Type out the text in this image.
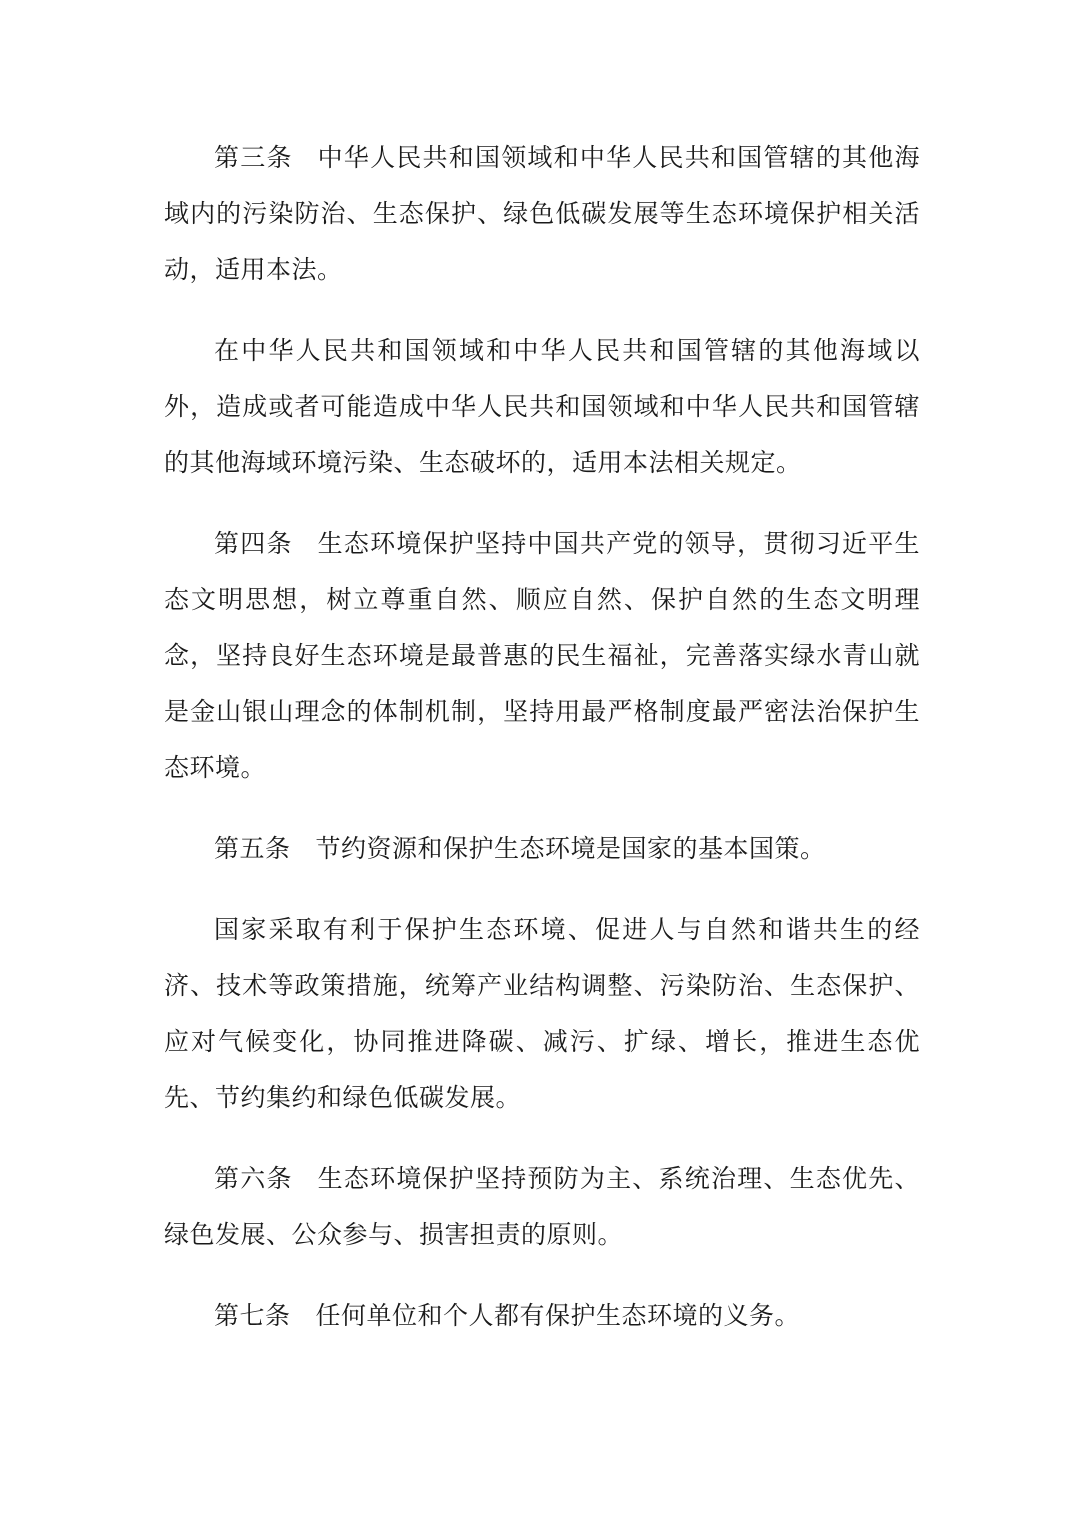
第三条 中华人民共和国领域和中华人民共和国管辖的其他海域内的污染防治、生态保护、绿色低碳发展等生态环境保护相关活动，适用本法。

在中华人民共和国领域和中华人民共和国管辖的其他海域以外，造成或者可能造成中华人民共和国领域和中华人民共和国管辖的其他海域环境污染、生态破坏的，适用本法相关规定。

第四条 生态环境保护坚持中国共产党的领导，贯彻习近平生态文明思想，树立尊重自然、顺应自然、保护自然的生态文明理念，坚持良好生态环境是最普惠的民生福祉，完善落实绿水青山就是金山银山理念的体制机制，坚持用最严格制度最严密法治保护生态环境。

第五条 节约资源和保护生态环境是国家的基本国策。

国家采取有利于保护生态环境、促进人与自然和谐共生的经济、技术等政策措施，统筹产业结构调整、污染防治、生态保护、应对气候变化，协同推进降碳、减污、扩绿、增长，推进生态优先、节约集约和绿色低碳发展。

第六条 生态环境保护坚持预防为主、系统治理、生态优先、绿色发展、公众参与、损害担责的原则。

第七条 任何单位和个人都有保护生态环境的义务。
